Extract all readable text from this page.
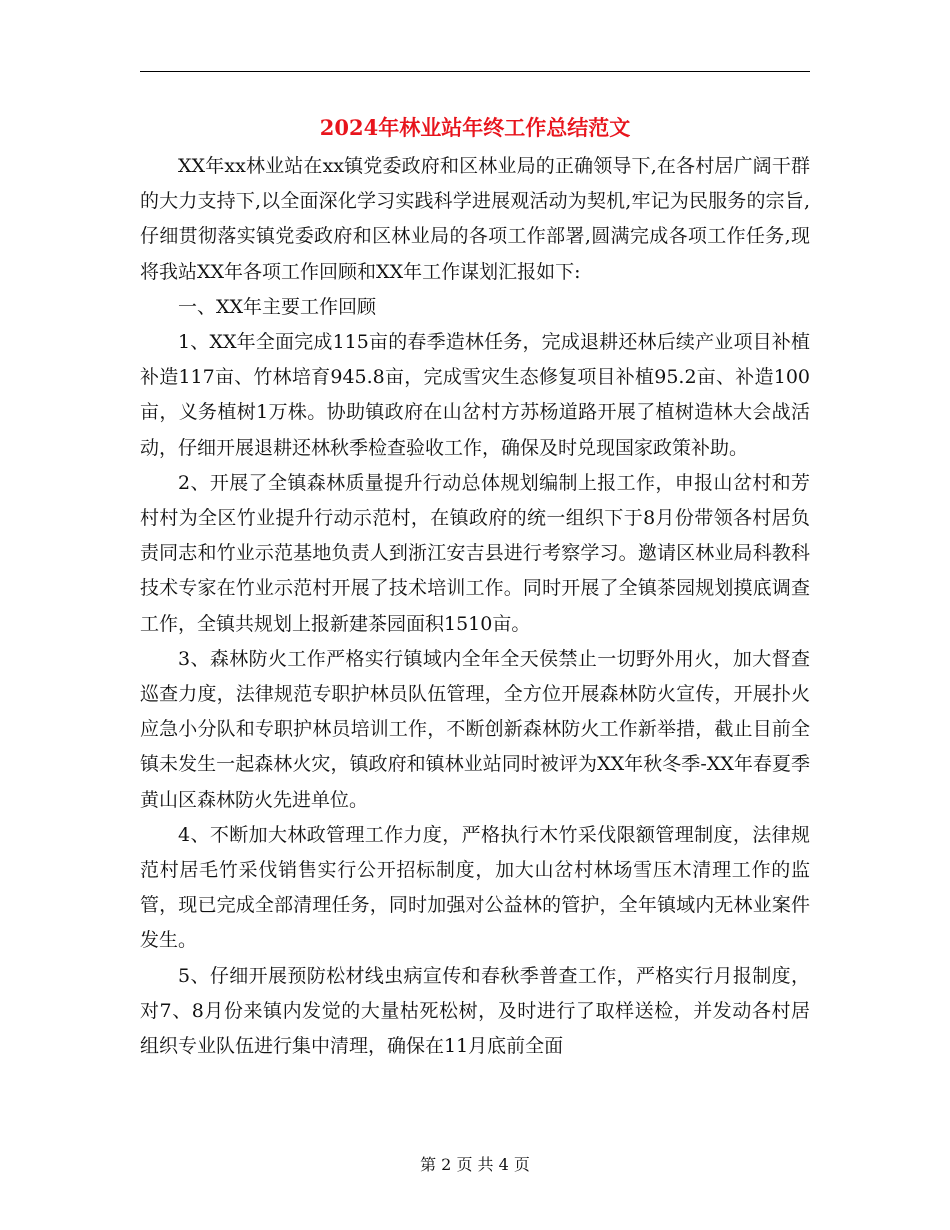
2024年林业站年终工作总结范文

XX年xx林业站在xx镇党委政府和区林业局的正确领导下,在各村居广阔干群的大力支持下,以全面深化学习实践科学进展观活动为契机,牢记为民服务的宗旨,仔细贯彻落实镇党委政府和区林业局的各项工作部署,圆满完成各项工作任务,现将我站XX年各项工作回顾和XX年工作谋划汇报如下:

一、XX年主要工作回顾

1、XX年全面完成115亩的春季造林任务，完成退耕还林后续产业项目补植补造117亩、竹林培育945.8亩，完成雪灾生态修复项目补植95.2亩、补造100亩，义务植树1万株。协助镇政府在山岔村方苏杨道路开展了植树造林大会战活动，仔细开展退耕还林秋季检查验收工作，确保及时兑现国家政策补助。

2、开展了全镇森林质量提升行动总体规划编制上报工作，申报山岔村和芳村村为全区竹业提升行动示范村，在镇政府的统一组织下于8月份带领各村居负责同志和竹业示范基地负责人到浙江安吉县进行考察学习。邀请区林业局科教科技术专家在竹业示范村开展了技术培训工作。同时开展了全镇茶园规划摸底调查工作，全镇共规划上报新建茶园面积1510亩。

3、森林防火工作严格实行镇域内全年全天侯禁止一切野外用火，加大督查巡查力度，法律规范专职护林员队伍管理，全方位开展森林防火宣传，开展扑火应急小分队和专职护林员培训工作，不断创新森林防火工作新举措，截止目前全镇未发生一起森林火灾，镇政府和镇林业站同时被评为XX年秋冬季-XX年春夏季黄山区森林防火先进单位。

4、不断加大林政管理工作力度，严格执行木竹采伐限额管理制度，法律规范村居毛竹采伐销售实行公开招标制度，加大山岔村林场雪压木清理工作的监管，现已完成全部清理任务，同时加强对公益林的管护，全年镇域内无林业案件发生。

5、仔细开展预防松材线虫病宣传和春秋季普查工作，严格实行月报制度，对7、8月份来镇内发觉的大量枯死松树，及时进行了取样送检，并发动各村居组织专业队伍进行集中清理，确保在11月底前全面

第 2 页 共 4 页
